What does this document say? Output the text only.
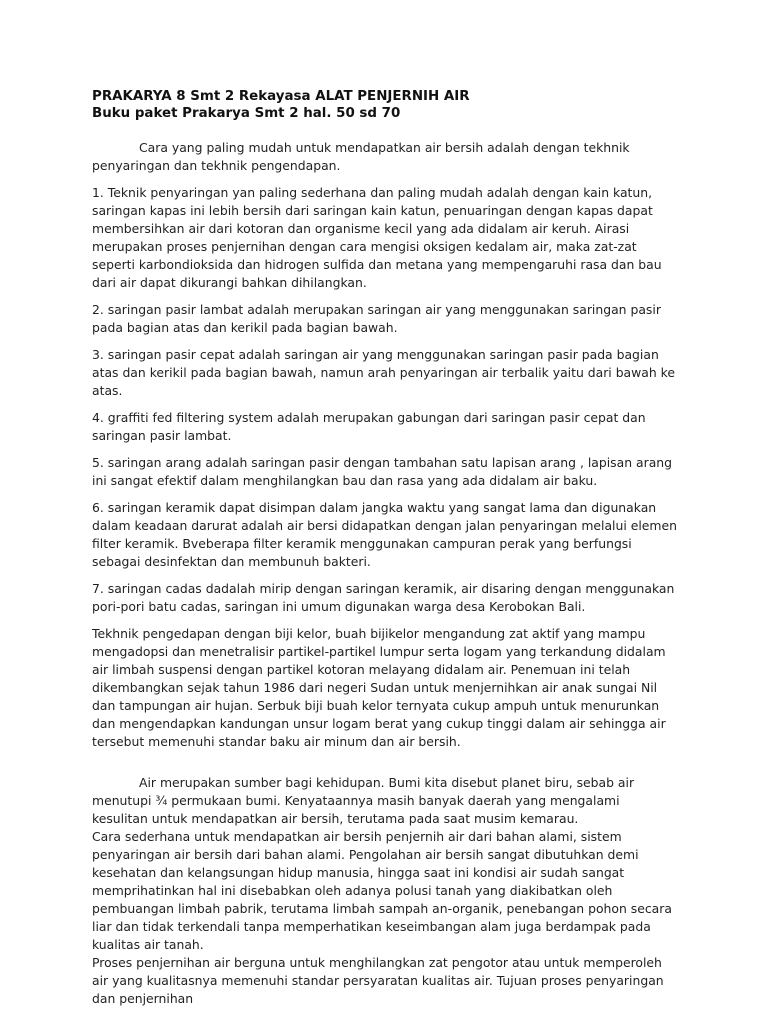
PRAKARYA 8 Smt 2 Rekayasa ALAT PENJERNIH AIR

Buku paket Prakarya Smt 2 hal. 50 sd 70

Cara yang paling mudah untuk mendapatkan air bersih adalah dengan tekhnik penyaringan dan tekhnik pengendapan.

1. Teknik penyaringan yan paling sederhana dan paling mudah adalah dengan kain katun, saringan kapas ini lebih bersih dari saringan kain katun, penuaringan dengan kapas dapat membersihkan air dari kotoran dan organisme kecil yang ada didalam air keruh. Airasi merupakan proses penjernihan dengan cara mengisi oksigen kedalam air, maka zat-zat seperti karbondioksida dan hidrogen sulfida dan metana yang mempengaruhi rasa dan bau dari air dapat dikurangi bahkan dihilangkan.

2. saringan pasir lambat adalah merupakan saringan air yang menggunakan saringan pasir pada bagian atas dan kerikil pada bagian bawah.

3. saringan pasir cepat adalah saringan air yang menggunakan saringan pasir pada bagian atas dan kerikil pada bagian bawah, namun arah penyaringan air terbalik yaitu dari bawah ke atas.

4. graffiti fed filtering system adalah merupakan gabungan dari saringan pasir cepat dan saringan pasir lambat.

5. saringan arang adalah saringan pasir dengan tambahan satu lapisan arang , lapisan arang ini sangat efektif dalam menghilangkan bau dan rasa yang ada didalam air baku.

6. saringan keramik dapat disimpan dalam jangka waktu yang sangat lama dan digunakan dalam keadaan darurat adalah air bersi didapatkan dengan jalan penyaringan melalui elemen filter keramik. Bveberapa filter keramik menggunakan campuran perak yang berfungsi sebagai desinfektan dan membunuh bakteri.

7. saringan cadas dadalah mirip dengan saringan keramik, air disaring dengan menggunakan pori-pori batu cadas, saringan ini umum digunakan warga desa Kerobokan Bali.

Tekhnik pengedapan dengan biji kelor, buah bijikelor mengandung zat aktif yang mampu mengadopsi dan menetralisir partikel-partikel lumpur serta logam yang terkandung didalam air limbah suspensi dengan partikel kotoran melayang didalam air. Penemuan ini telah dikembangkan sejak tahun 1986 dari negeri Sudan untuk menjernihkan air anak sungai Nil dan tampungan air hujan. Serbuk biji buah kelor ternyata cukup ampuh untuk menurunkan dan mengendapkan kandungan unsur logam berat yang cukup tinggi dalam air sehingga air tersebut memenuhi standar baku air minum dan air bersih.

Air merupakan sumber bagi kehidupan. Bumi kita disebut planet biru, sebab air menutupi ¾ permukaan bumi. Kenyataannya masih banyak daerah yang mengalami kesulitan untuk mendapatkan air bersih, terutama pada saat musim kemarau.

Cara sederhana untuk mendapatkan air bersih penjernih air dari bahan alami, sistem penyaringan air bersih dari bahan alami. Pengolahan air bersih sangat dibutuhkan demi kesehatan dan kelangsungan hidup manusia, hingga saat ini kondisi air sudah sangat memprihatinkan hal ini disebabkan oleh adanya polusi tanah yang diakibatkan oleh pembuangan limbah pabrik, terutama limbah sampah an-organik, penebangan pohon secara liar dan tidak terkendali tanpa memperhatikan keseimbangan alam juga berdampak pada kualitas air tanah.

Proses penjernihan air berguna untuk menghilangkan zat pengotor atau untuk memperoleh air yang kualitasnya memenuhi standar persyaratan kualitas air. Tujuan proses penyaringan dan penjernihan
